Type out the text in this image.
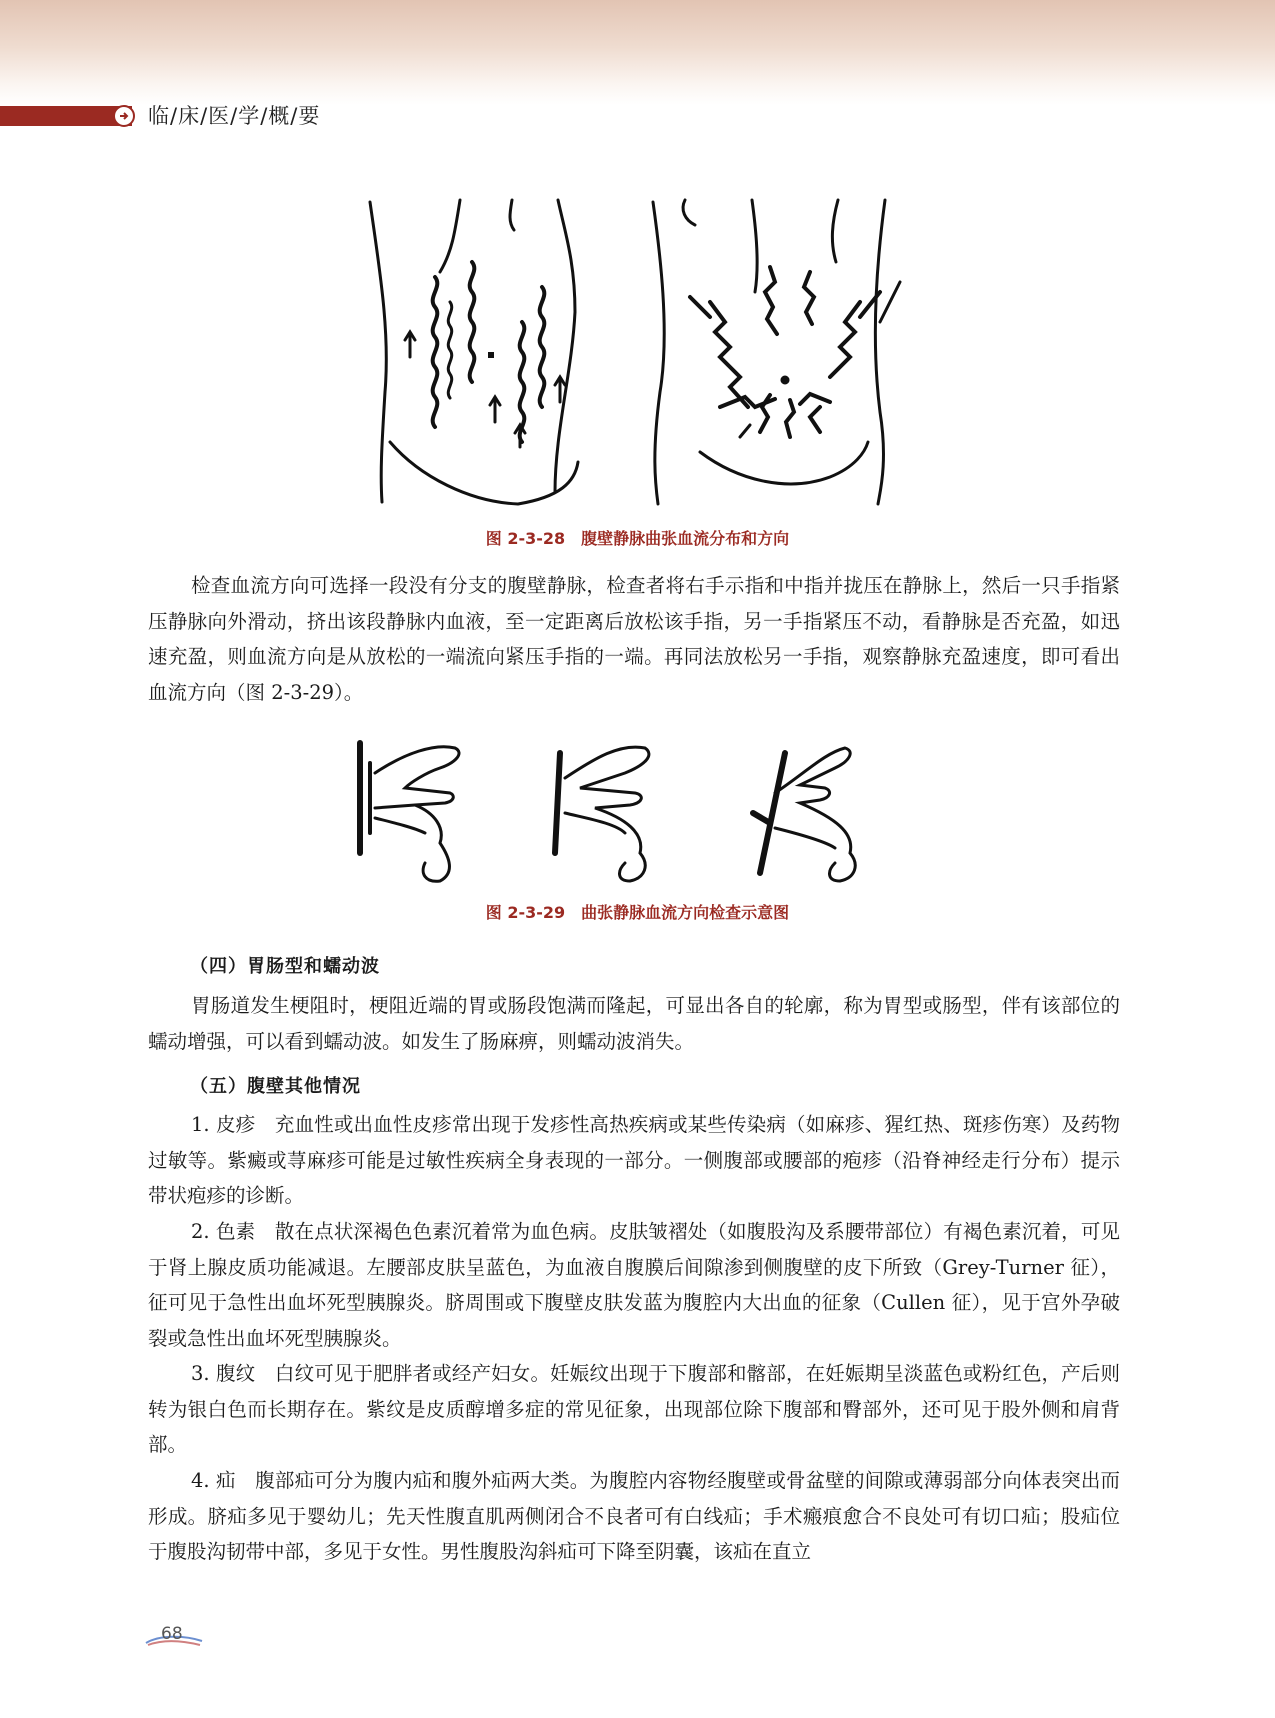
临/床/医/学/概/要
图 2-3-28　腹壁静脉曲张血流分布和方向

检查血流方向可选择一段没有分支的腹壁静脉，检查者将右手示指和中指并拢压在静脉上，然后一只手指紧压静脉向外滑动，挤出该段静脉内血液，至一定距离后放松该手指，另一手指紧压不动，看静脉是否充盈，如迅速充盈，则血流方向是从放松的一端流向紧压手指的一端。再同法放松另一手指，观察静脉充盈速度，即可看出血流方向（图 2-3-29）。

图 2-3-29　曲张静脉血流方向检查示意图
（四）胃肠型和蠕动波

胃肠道发生梗阻时，梗阻近端的胃或肠段饱满而隆起，可显出各自的轮廓，称为胃型或肠型，伴有该部位的蠕动增强，可以看到蠕动波。如发生了肠麻痹，则蠕动波消失。

（五）腹壁其他情况

1. 皮疹　充血性或出血性皮疹常出现于发疹性高热疾病或某些传染病（如麻疹、猩红热、斑疹伤寒）及药物过敏等。紫癜或荨麻疹可能是过敏性疾病全身表现的一部分。一侧腹部或腰部的疱疹（沿脊神经走行分布）提示带状疱疹的诊断。

2. 色素　散在点状深褐色色素沉着常为血色病。皮肤皱褶处（如腹股沟及系腰带部位）有褐色素沉着，可见于肾上腺皮质功能减退。左腰部皮肤呈蓝色，为血液自腹膜后间隙渗到侧腹壁的皮下所致（Grey-Turner 征），征可见于急性出血坏死型胰腺炎。脐周围或下腹壁皮肤发蓝为腹腔内大出血的征象（Cullen 征），见于宫外孕破裂或急性出血坏死型胰腺炎。

3. 腹纹　白纹可见于肥胖者或经产妇女。妊娠纹出现于下腹部和髂部，在妊娠期呈淡蓝色或粉红色，产后则转为银白色而长期存在。紫纹是皮质醇增多症的常见征象，出现部位除下腹部和臀部外，还可见于股外侧和肩背部。

4. 疝　腹部疝可分为腹内疝和腹外疝两大类。为腹腔内容物经腹壁或骨盆壁的间隙或薄弱部分向体表突出而形成。脐疝多见于婴幼儿；先天性腹直肌两侧闭合不良者可有白线疝；手术瘢痕愈合不良处可有切口疝；股疝位于腹股沟韧带中部，多见于女性。男性腹股沟斜疝可下降至阴囊，该疝在直立

68
